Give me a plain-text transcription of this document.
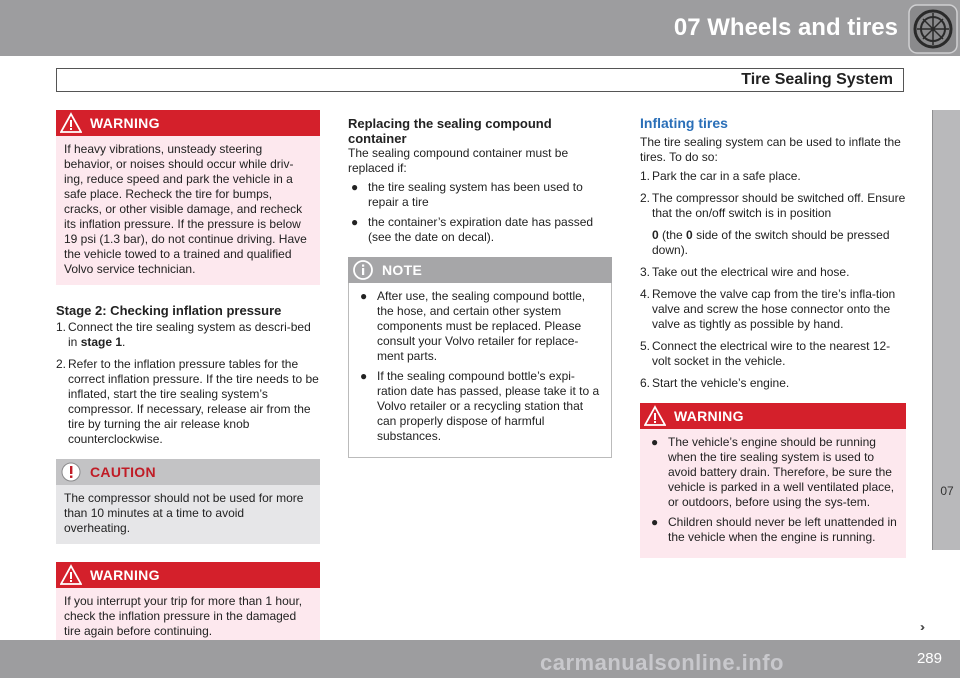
07 Wheels and tires
Tire Sealing System
07
WARNING
If heavy vibrations, unsteady steering behavior, or noises should occur while driv-ing, reduce speed and park the vehicle in a safe place. Recheck the tire for bumps, cracks, or other visible damage, and recheck its inflation pressure. If the pressure is below 19 psi (1.3 bar), do not continue driving. Have the vehicle towed to a trained and qualified Volvo service technician.
Stage 2: Checking inflation pressure
1. Connect the tire sealing system as descri-bed in stage 1.
2. Refer to the inflation pressure tables for the correct inflation pressure. If the tire needs to be inflated, start the tire sealing system’s compressor. If necessary, release air from the tire by turning the air release knob counterclockwise.
CAUTION
The compressor should not be used for more than 10 minutes at a time to avoid overheating.
WARNING
If you interrupt your trip for more than 1 hour, check the inflation pressure in the damaged tire again before continuing.
Replacing the sealing compound container

The sealing compound container must be replaced if:

● the tire sealing system has been used to repair a tire
● the container’s expiration date has passed (see the date on decal).
NOTE
● After use, the sealing compound bottle, the hose, and certain other system components must be replaced. Please consult your Volvo retailer for replace-ment parts.
● If the sealing compound bottle’s expi-ration date has passed, please take it to a Volvo retailer or a recycling station that can properly dispose of harmful substances.
Inflating tires

The tire sealing system can be used to inflate the tires. To do so:

1. Park the car in a safe place.
2. The compressor should be switched off. Ensure that the on/off switch is in position
0 (the 0 side of the switch should be pressed down).
3. Take out the electrical wire and hose.
4. Remove the valve cap from the tire’s infla-tion valve and screw the hose connector onto the valve as tightly as possible by hand.
5. Connect the electrical wire to the nearest 12-volt socket in the vehicle.
6. Start the vehicle’s engine.
WARNING
● The vehicle’s engine should be running when the tire sealing system is used to avoid battery drain. Therefore, be sure the vehicle is parked in a well ventilated place, or outdoors, before using the sys-tem.
● Children should never be left unattended in the vehicle when the engine is running.
››
289
carmanualsonline.info
